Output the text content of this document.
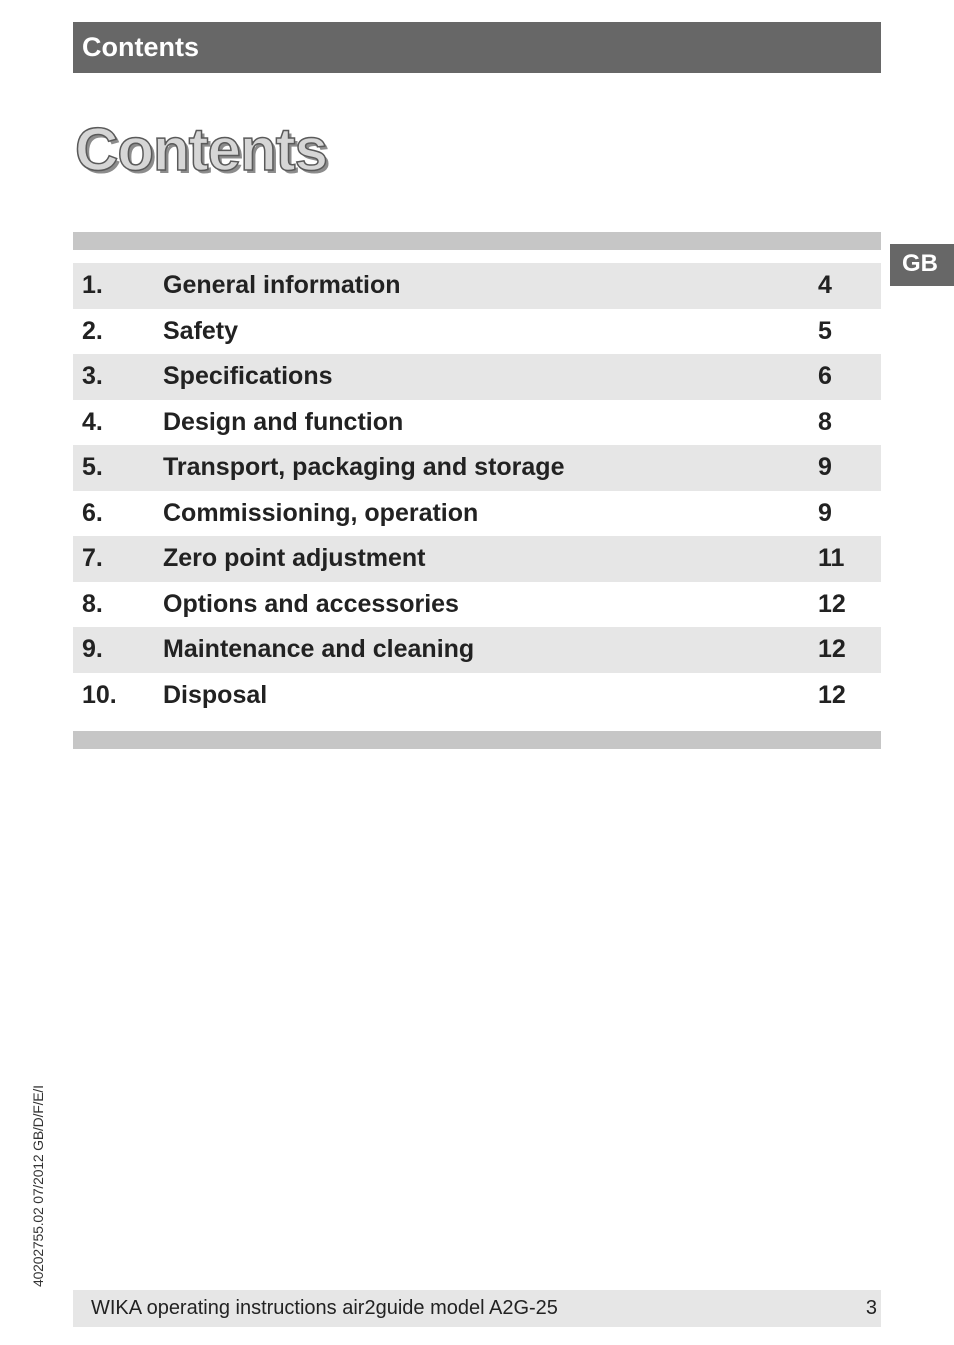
Contents
Contents
GB
1. General information	4
2. Safety	5
3. Specifications	6
4. Design and function	8
5. Transport, packaging and storage	9
6. Commissioning, operation	9
7. Zero point adjustment	11
8. Options and accessories	12
9. Maintenance and cleaning	12
10. Disposal	12
40202755.02 07/2012 GB/D/F/E/I
WIKA operating instructions air2guide model A2G-25	3
